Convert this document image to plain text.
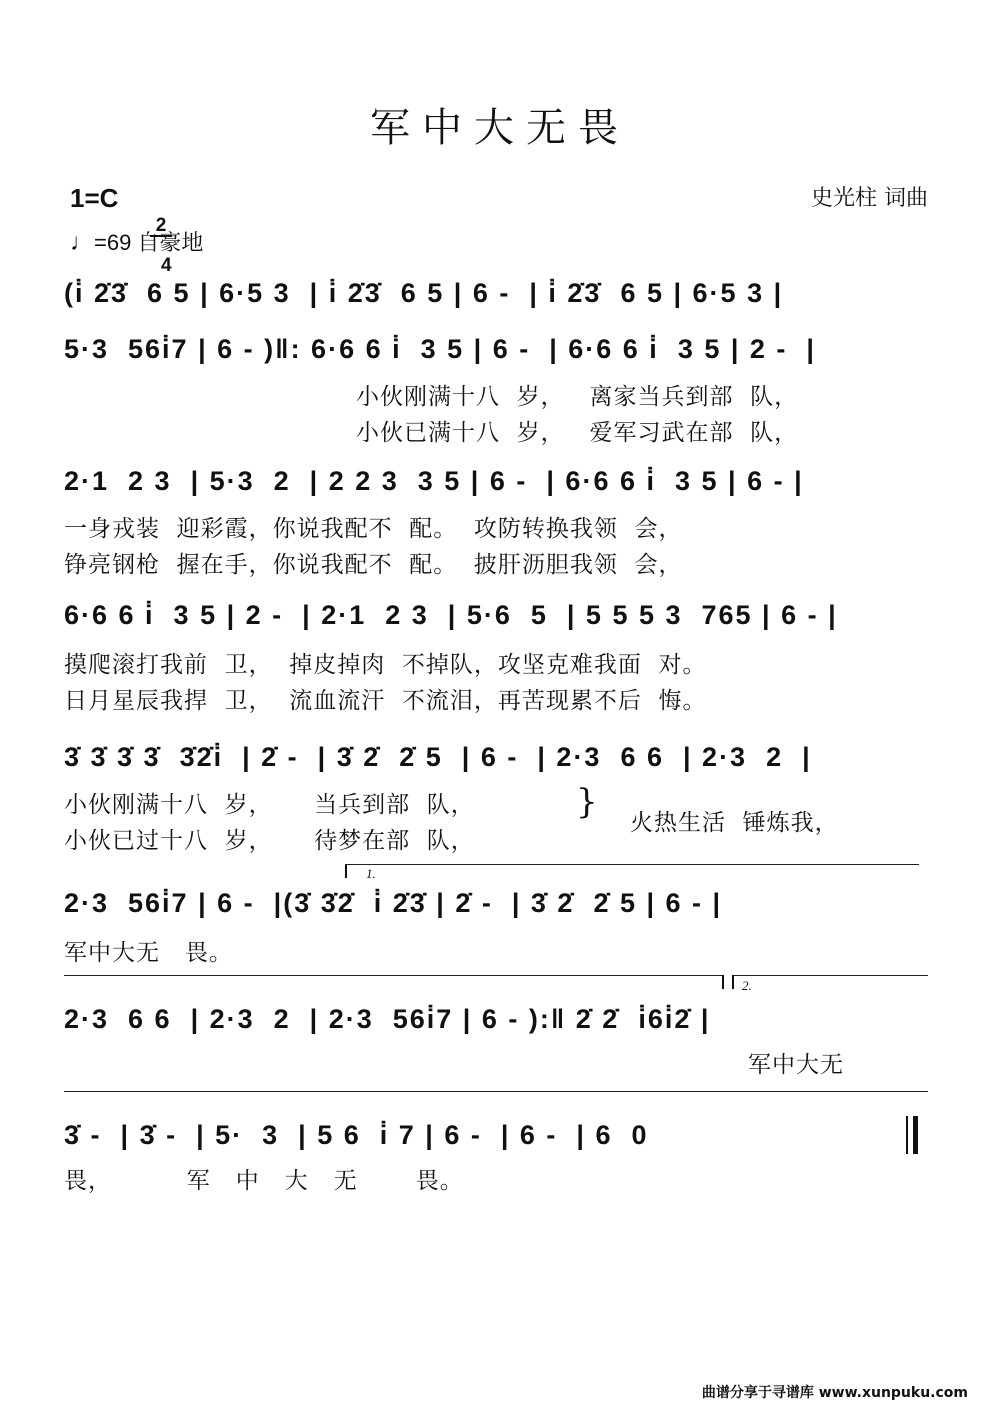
军中大无畏
1=C

$\frac{2}{4}$

♩=69 自豪地
史光柱 词曲
(i̇ 2̇3̇  6 5 | 6·5 3  | i̇ 2̇3̇  6 5 | 6 -  | i̇ 2̇3̇  6 5 | 6·5 3 |
5·3  56i̇7 | 6 - )‖: 6·6 6 i̇  3 5 | 6 -  | 6·6 6 i̇  3 5 | 2 -  |
小伙刚满十八  岁，   离家当兵到部  队，
小伙已满十八  岁，   爱军习武在部  队，
2·1  2 3  | 5·3  2  | 2 2 3  3 5 | 6 -  | 6·6 6 i̇  3 5 | 6 - |
一身戎装  迎彩霞，你说我配不  配。  攻防转换我领  会，
铮亮钢枪  握在手，你说我配不  配。  披肝沥胆我领  会，
6·6 6 i̇  3 5 | 2 -  | 2·1  2 3  | 5·6  5  | 5 5 5 3  765 | 6 - |
摸爬滚打我前  卫，  掉皮掉肉  不掉队，攻坚克难我面  对。
日月星辰我捍  卫，  流血流汗  不流泪，再苦现累不后  悔。
3̇ 3̇ 3̇ 3̇  3̇2̇i̇  | 2̇ -  | 3̇ 2̇  2̇ 5  | 6 -  | 2·3  6 6  | 2·3  2  |
小伙刚满十八  岁，     当兵到部  队，
小伙已过十八  岁，     待梦在部  队，
}
火热生活  锤炼我，
1.
2·3  56i̇7 | 6 -  |(3̇ 3̇2̇  i̇ 2̇3̇ | 2̇ -  | 3̇ 2̇  2̇ 5 | 6 - |
军中大无   畏。
2.
2·3  6 6  | 2·3  2  | 2·3  56i̇7 | 6 - ):‖ 2̇ 2̇  i̇6i̇2̇ |
军中大无
3̇ -  | 3̇ -  | 5·  3  | 5 6  i̇ 7 | 6 -  | 6 -  | 6  0
畏，         军   中   大   无       畏。
曲谱分享于寻谱库 www.xunpuku.com
